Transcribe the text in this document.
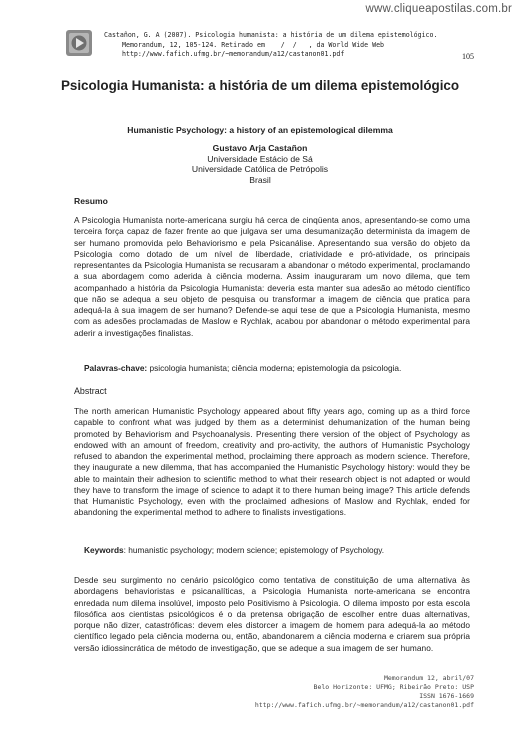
www.cliqueapostilas.com.br
Castañon, G. A (2007). Psicologia humanista: a história de um dilema epistemológico.
Memorandum, 12, 105-124. Retirado em    /  /   , da World Wide Web
http://www.fafich.ufmg.br/~memorandum/a12/castanon01.pdf	105
Psicologia Humanista: a história de um dilema epistemológico
Humanistic Psychology: a history of an epistemological dilemma
Gustavo Arja Castañon
Universidade Estácio de Sá
Universidade Católica de Petrópolis
Brasil
Resumo
A Psicologia Humanista norte-americana surgiu há cerca de cinqüenta anos, apresentando-se como uma terceira força capaz de fazer frente ao que julgava ser uma desumanização determinista da imagem de ser humano promovida pelo Behaviorismo e pela Psicanálise. Apresentando sua versão do objeto da Psicologia como dotado de um nível de liberdade, criatividade e pró-atividade, os principais representantes da Psicologia Humanista se recusaram a abandonar o método experimental, proclamando a sua abordagem como aderida à ciência moderna. Assim inauguraram um novo dilema, que tem acompanhado a história da Psicologia Humanista: deveria esta manter sua adesão ao método científico que não se adequa a seu objeto de pesquisa ou transformar a imagem de ciência que pratica para adequá-la à sua imagem de ser humano? Defende-se aqui tese de que a Psicologia Humanista, mesmo com as adesões proclamadas de Maslow e Rychlak, acabou por abandonar o método experimental para aderir a investigações finalistas.
Palavras-chave: psicologia humanista; ciência moderna; epistemologia da psicologia.
Abstract
The north american Humanistic Psychology appeared about fifty years ago, coming up as a third force capable to confront what was judged by them as a determinist dehumanization of the human being promoted by Behaviorism and Psychoanalysis. Presenting there version of the object of Psychology as endowed with an amount of freedom, creativity and pro-activity, the authors of Humanistic Psychology refused to abandon the experimental method, proclaiming there approach as modern science. Therefore, they inaugurate a new dilemma, that has accompanied the Humanistic Psychology history: would they be able to maintain their adhesion to scientific method to what their research object is not adapted or would they have to transform the image of science to adapt it to there human being image? This article defends that Humanistic Psychology, even with the proclaimed adhesions of Maslow and Rychlak, ended for abandoning the experimental method to adhere to finalists investigations.
Keywords: humanistic psychology; modern science; epistemology of Psychology.
Desde seu surgimento no cenário psicológico como tentativa de constituição de uma alternativa às abordagens behavioristas e psicanalíticas, a Psicologia Humanista norte-americana se encontra enredada num dilema insolúvel, imposto pelo Positivismo à Psicologia. O dilema imposto por esta escola filosófica aos cientistas psicológicos é o da pretensa obrigação de escolher entre duas alternativas, porque não dizer, catastróficas: devem eles distorcer a imagem de homem para adequá-la ao método científico legado pela ciência moderna ou, então, abandonarem a ciência moderna e criarem sua própria versão idiossincrática de método de investigação, que se adeque a sua imagem de ser humano.
Memorandum 12, abril/07
Belo Horizonte: UFMG; Ribeirão Preto: USP
ISSN 1676-1669
http://www.fafich.ufmg.br/~memorandum/a12/castanon01.pdf
